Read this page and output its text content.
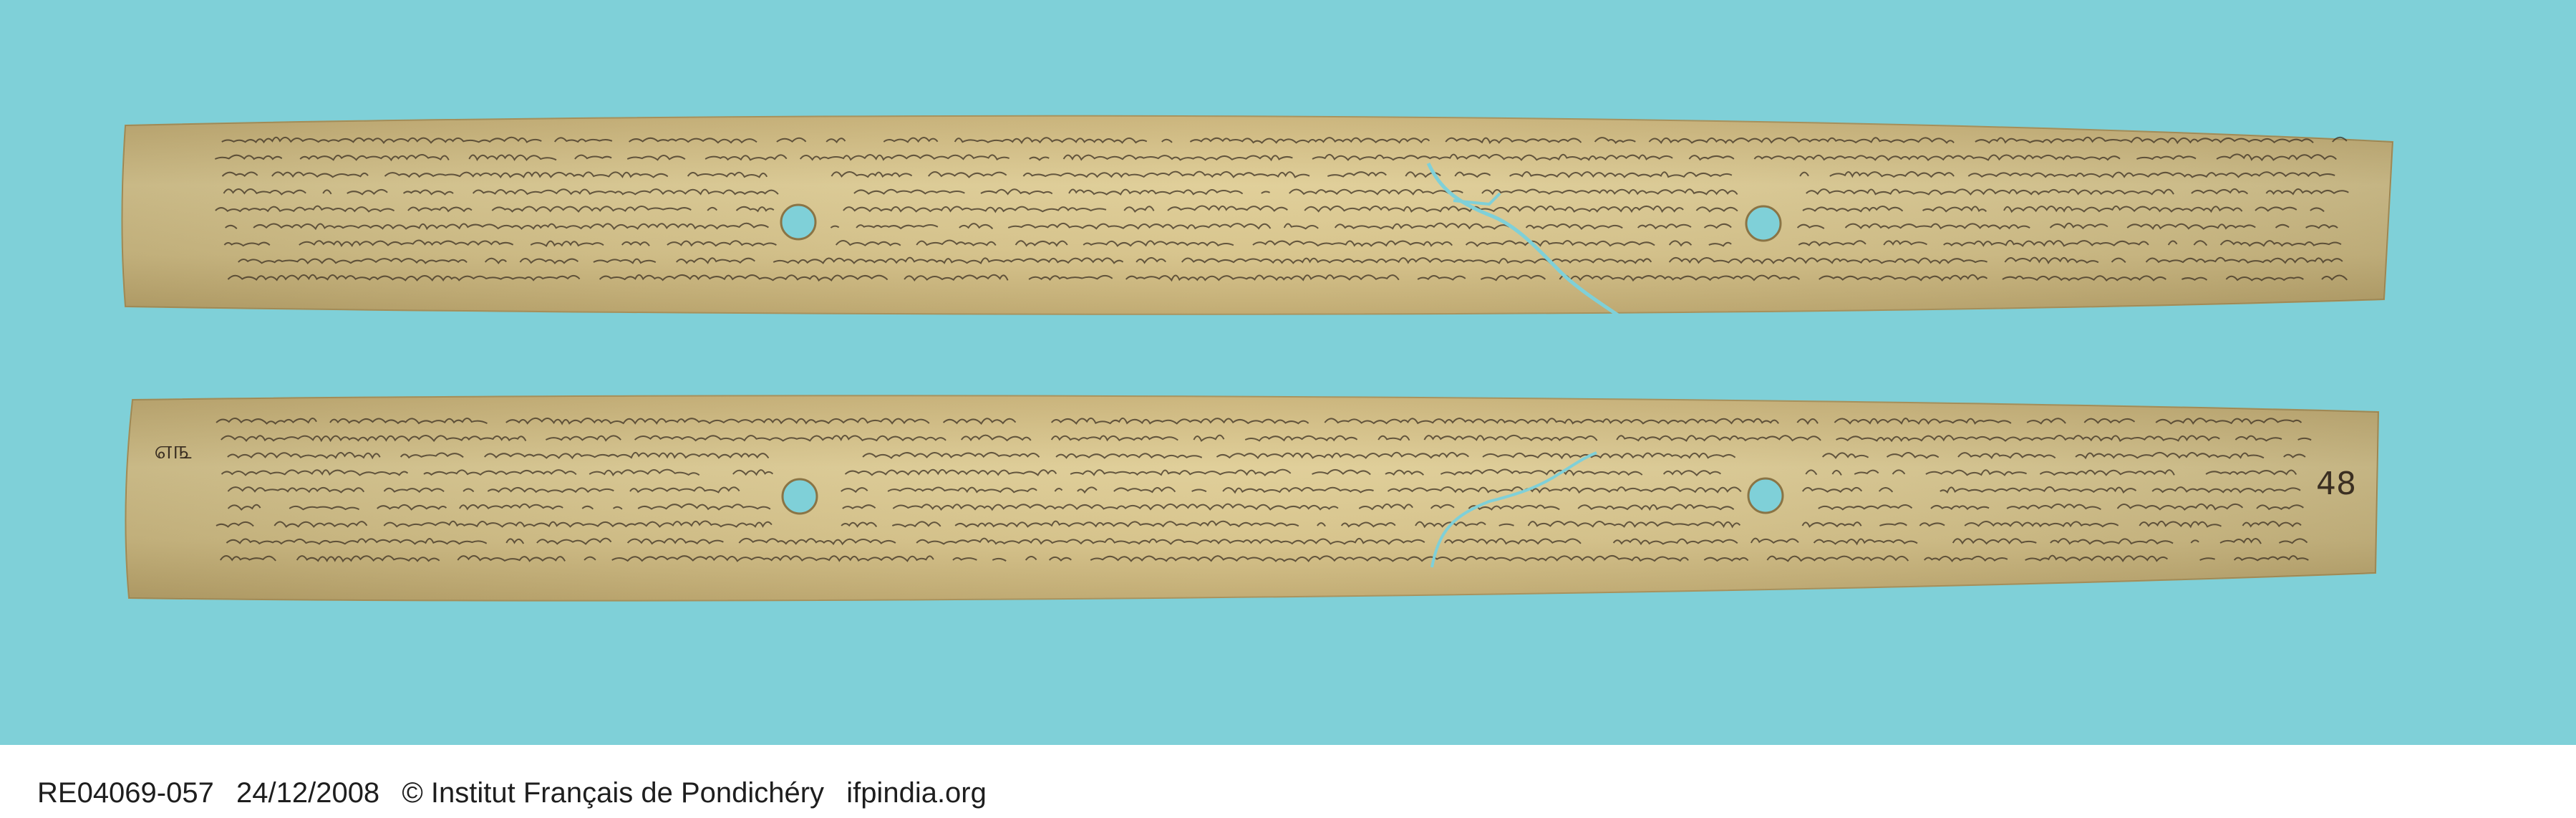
௭௩
48
RE04069-057 24/12/2008 © Institut Français de Pondichéry ifpindia.org
